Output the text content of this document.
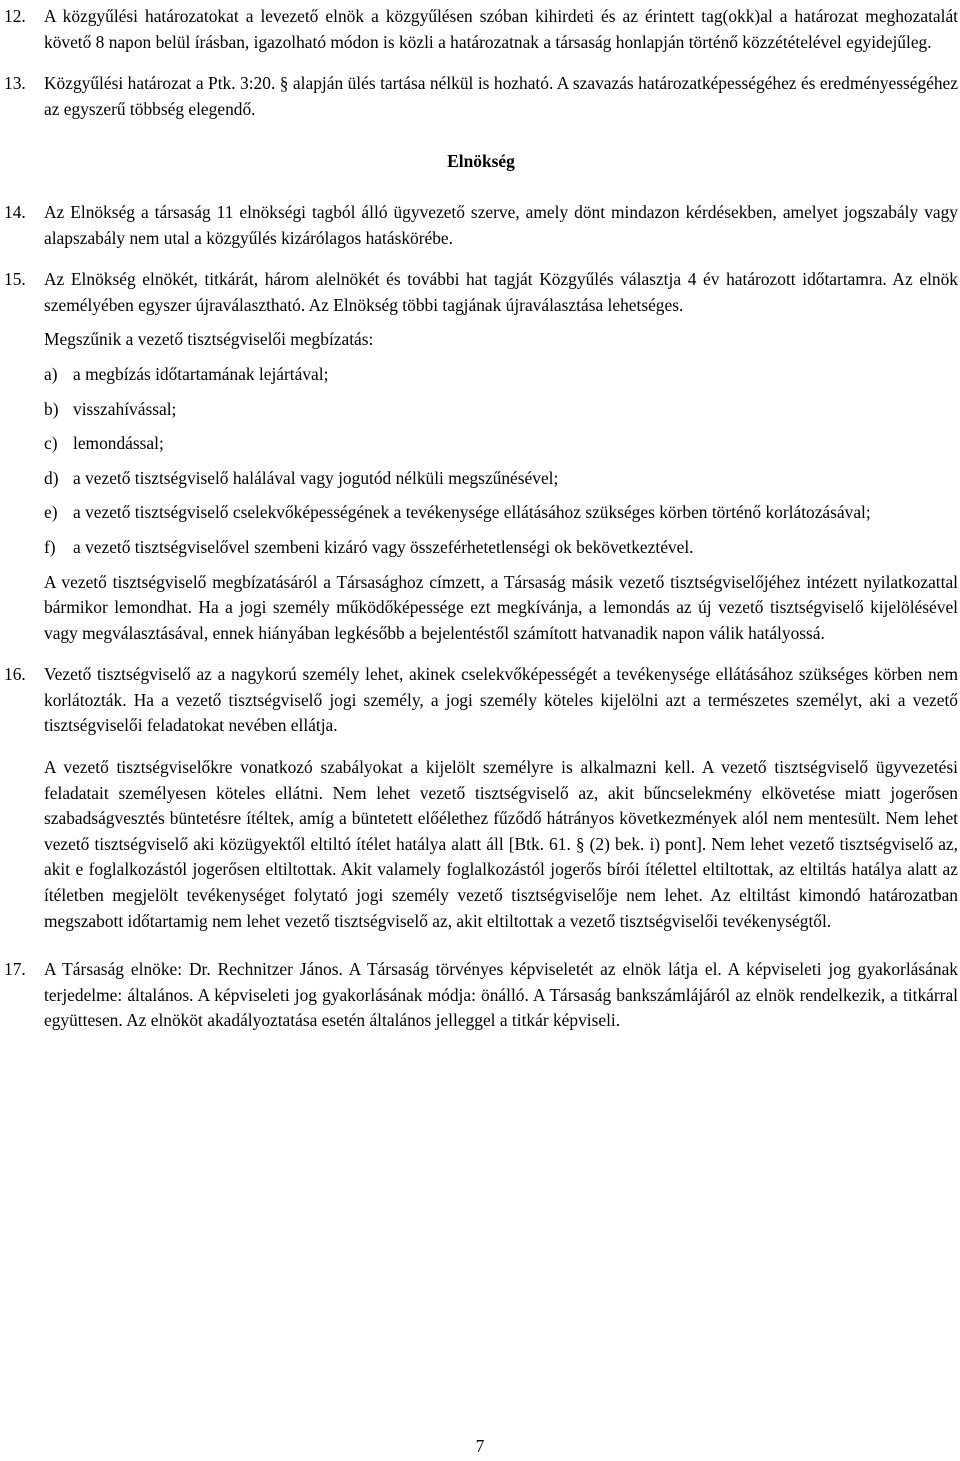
12.	A közgyűlési határozatokat a levezető elnök a közgyűlésen szóban kihirdeti és az érintett tag(okk)al a határozat meghozatalát követő 8 napon belül írásban, igazolható módon is közli a határozatnak a társaság honlapján történő közzétételével egyidejűleg.

13.	Közgyűlési határozat a Ptk. 3:20. § alapján ülés tartása nélkül is hozható. A szavazás határozatképességéhez és eredményességéhez az egyszerű többség elegendő.

Elnökség
14.	Az Elnökség a társaság 11 elnökségi tagból álló ügyvezető szerve, amely dönt mindazon kérdésekben, amelyet jogszabály vagy alapszabály nem utal a közgyűlés kizárólagos hatáskörébe.

15.	Az Elnökség elnökét, titkárát, három alelnökét és további hat tagját Közgyűlés választja 4 év határozott időtartamra. Az elnök személyében egyszer újraválasztható. Az Elnökség többi tagjának újraválasztása lehetséges.

Megszűnik a vezető tisztségviselői megbízatás:

a) a megbízás időtartamának lejártával;
b) visszahívással;
c) lemondással;
d) a vezető tisztségviselő halálával vagy jogutód nélküli megszűnésével;
e) a vezető tisztségviselő cselekvőképességének a tevékenysége ellátásához szükséges körben történő korlátozásával;
f)	a vezető tisztségviselővel szembeni kizáró vagy összeférhetetlenségi ok bekövetkeztével.

A vezető tisztségviselő megbízatásáról a Társasághoz címzett, a Társaság másik vezető tisztségviselőjéhez intézett nyilatkozattal bármikor lemondhat. Ha a jogi személy működőképessége ezt megkívánja, a lemondás az új vezető tisztségviselő kijelölésével vagy megválasztásával, ennek hiányában legkésőbb a bejelentéstől számított hatvanadik napon válik hatályossá.

16.	Vezető tisztségviselő az a nagykorú személy lehet, akinek cselekvőképességét a tevékenysége ellátásához szükséges körben nem korlátozták. Ha a vezető tisztségviselő jogi személy, a jogi személy köteles kijelölni azt a természetes személyt, aki a vezető tisztségviselői feladatokat nevében ellátja.

A vezető tisztségviselőkre vonatkozó szabályokat a kijelölt személyre is alkalmazni kell. A vezető tisztségviselő ügyvezetési feladatait személyesen köteles ellátni. Nem lehet vezető tisztségviselő az, akit bűncselekmény elkövetése miatt jogerősen szabadságvesztés büntetésre ítéltek, amíg a büntetett előélethez fűződő hátrányos következmények alól nem mentesült. Nem lehet vezető tisztségviselő aki közügyektől eltiltó ítélet hatálya alatt áll [Btk. 61. § (2) bek. i) pont]. Nem lehet vezető tisztségviselő az, akit e foglalkozástól jogerősen eltiltottak. Akit valamely foglalkozástól jogerős bírói ítélettel eltiltottak, az eltiltás hatálya alatt az ítéletben megjelölt tevékenységet folytató jogi személy vezető tisztségviselője nem lehet. Az eltiltást kimondó határozatban megszabott időtartamig nem lehet vezető tisztségviselő az, akit eltiltottak a vezető tisztségviselői tevékenységtől.

17.	A Társaság elnöke: Dr. Rechnitzer János. A Társaság törvényes képviseletét az elnök látja el. A képviseleti jog gyakorlásának terjedelme: általános. A képviseleti jog gyakorlásának módja: önálló. A Társaság bankszámlájáról az elnök rendelkezik, a titkárral együttesen. Az elnököt akadályoztatása esetén általános jelleggel a titkár képviseli.

7
